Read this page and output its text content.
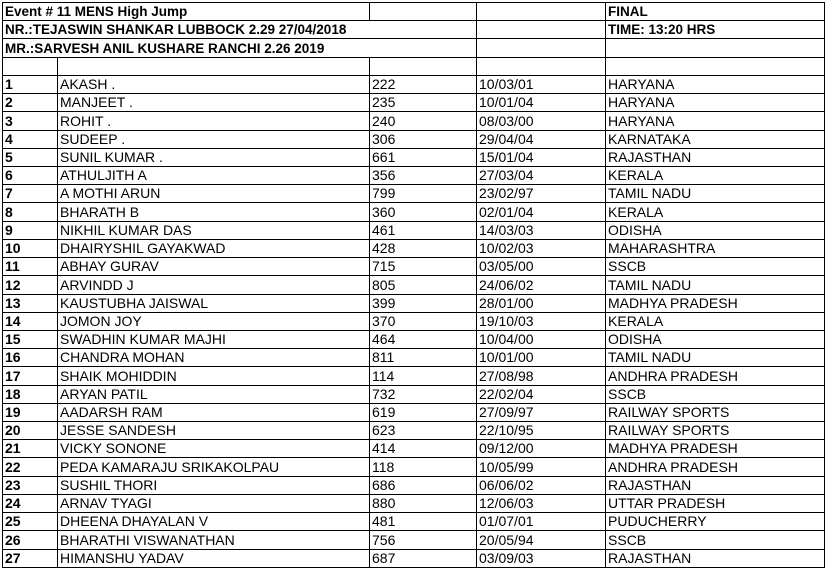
Event # 11 MENS High Jump				FINAL
NR.:TEJASWIN SHANKAR LUBBOCK 2.29 27/04/2018				TIME: 13:20 HRS
MR.:SARVESH ANIL KUSHARE RANCHI 2.26 2019				

1	AKASH .	222	10/03/01	HARYANA
2	MANJEET .	235	10/01/04	HARYANA
3	ROHIT .	240	08/03/00	HARYANA
4	SUDEEP .	306	29/04/04	KARNATAKA
5	SUNIL KUMAR .	661	15/01/04	RAJASTHAN
6	ATHULJITH A	356	27/03/04	KERALA
7	A MOTHI ARUN	799	23/02/97	TAMIL NADU
8	BHARATH B	360	02/01/04	KERALA
9	NIKHIL KUMAR DAS	461	14/03/03	ODISHA
10	DHAIRYSHIL GAYAKWAD	428	10/02/03	MAHARASHTRA
11	ABHAY GURAV	715	03/05/00	SSCB
12	ARVINDD J	805	24/06/02	TAMIL NADU
13	KAUSTUBHA JAISWAL	399	28/01/00	MADHYA PRADESH
14	JOMON JOY	370	19/10/03	KERALA
15	SWADHIN KUMAR MAJHI	464	10/04/00	ODISHA
16	CHANDRA MOHAN	811	10/01/00	TAMIL NADU
17	SHAIK MOHIDDIN	114	27/08/98	ANDHRA PRADESH
18	ARYAN PATIL	732	22/02/04	SSCB
19	AADARSH RAM	619	27/09/97	RAILWAY SPORTS
20	JESSE SANDESH	623	22/10/95	RAILWAY SPORTS
21	VICKY SONONE	414	09/12/00	MADHYA PRADESH
22	PEDA KAMARAJU SRIKAKOLPAU	118	10/05/99	ANDHRA PRADESH
23	SUSHIL THORI	686	06/06/02	RAJASTHAN
24	ARNAV TYAGI	880	12/06/03	UTTAR PRADESH
25	DHEENA DHAYALAN V	481	01/07/01	PUDUCHERRY
26	BHARATHI VISWANATHAN	756	20/05/94	SSCB
27	HIMANSHU YADAV	687	03/09/03	RAJASTHAN
